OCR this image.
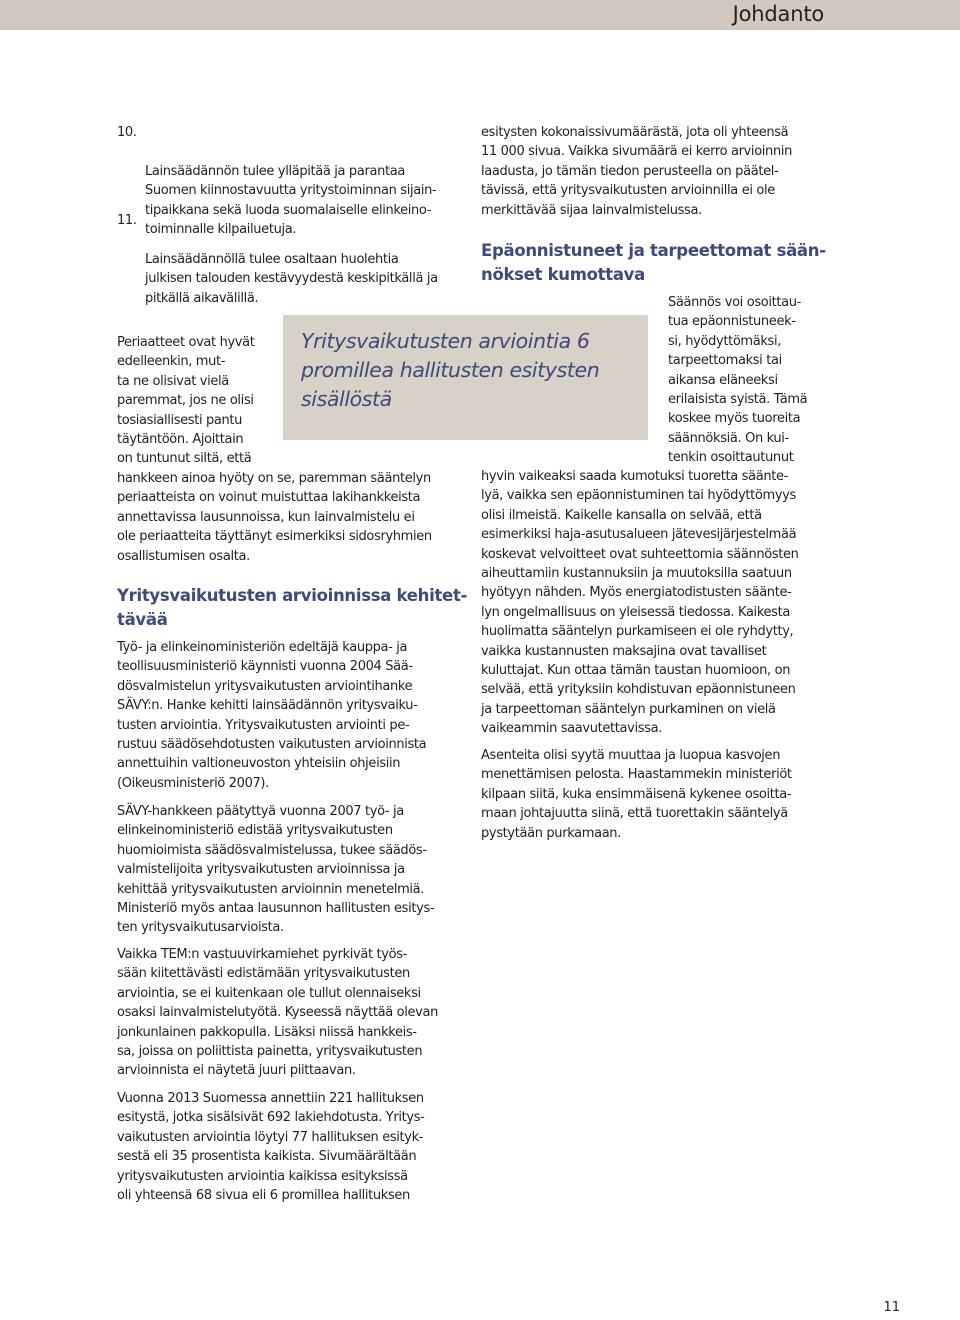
Johdanto

10.

Lainsäädännön tulee ylläpitää ja parantaa
Suomen kiinnostavuutta yritystoiminnan sijain-
tipaikkana sekä luoda suomalaiselle elinkeino-
toiminnalle kilpailuetuja.

11.

Lainsäädännöllä tulee osaltaan huolehtia
julkisen talouden kestävyydestä keskipitkällä ja
pitkällä aikavälillä.

Yritysvaikutusten arviointia 6
promillea hallitusten esitysten
sisällöstä

Periaatteet ovat hyvät
edelleenkin, mut-
ta ne olisivat vielä
paremmat, jos ne olisi
tosiasiallisesti pantu
täytäntöön. Ajoittain
on tuntunut siltä, että

hankkeen ainoa hyöty on se, paremman sääntelyn
periaatteista on voinut muistuttaa lakihankkeista
annettavissa lausunnoissa, kun lainvalmistelu ei
ole periaatteita täyttänyt esimerkiksi sidosryhmien
osallistumisen osalta.

Yritysvaikutusten arvioinnissa kehitet-
tävää

Työ- ja elinkeinoministeriön edeltäjä kauppa- ja
teollisuusministeriö käynnisti vuonna 2004 Sää-
dösvalmistelun yritysvaikutusten arviointihanke
SÄVY:n. Hanke kehitti lainsäädännön yritysvaiku-
tusten arviointia. Yritysvaikutusten arviointi pe-
rustuu säädösehdotusten vaikutusten arvioinnista
annettuihin valtioneuvoston yhteisiin ohjeisiin
(Oikeusministeriö 2007).

SÄVY-hankkeen päätyttyä vuonna 2007 työ- ja
elinkeinoministeriö edistää yritysvaikutusten
huomioimista säädösvalmistelussa, tukee säädös-
valmistelijoita yritysvaikutusten arvioinnissa ja
kehittää yritysvaikutusten arvioinnin menetelmiä.
Ministeriö myös antaa lausunnon hallitusten esitys-
ten yritysvaikutusarvioista.

Vaikka TEM:n vastuuvirkamiehet pyrkivät työs-
sään kiitettävästi edistämään yritysvaikutusten
arviointia, se ei kuitenkaan ole tullut olennaiseksi
osaksi lainvalmistelutyötä. Kyseessä näyttää olevan
jonkunlainen pakkopulla. Lisäksi niissä hankkeis-
sa, joissa on poliittista painetta, yritysvaikutusten
arvioinnista ei näytetä juuri piittaavan.

Vuonna 2013 Suomessa annettiin 221 hallituksen
esitystä, jotka sisälsivät 692 lakiehdotusta. Yritys-
vaikutusten arviointia löytyi 77 hallituksen esityk-
sestä eli 35 prosentista kaikista. Sivumäärältään
yritysvaikutusten arviointia kaikissa esityksissä
oli yhteensä 68 sivua eli 6 promillea hallituksen

esitysten kokonaissivumäärästä, jota oli yhteensä
11 000 sivua. Vaikka sivumäärä ei kerro arvioinnin
laadusta, jo tämän tiedon perusteella on päätel-
tävissä, että yritysvaikutusten arvioinnilla ei ole
merkittävää sijaa lainvalmistelussa.

Epäonnistuneet ja tarpeettomat sään-
nökset kumottava

Säännös voi osoittau-
tua epäonnistuneek-
si, hyödyttömäksi,
tarpeettomaksi tai
aikansa eläneeksi
erilaisista syistä. Tämä
koskee myös tuoreita
säännöksiä. On kui-
tenkin osoittautunut

hyvin vaikeaksi saada kumotuksi tuoretta säänte-
lyä, vaikka sen epäonnistuminen tai hyödyttömyys
olisi ilmeistä. Kaikelle kansalla on selvää, että
esimerkiksi haja-asutusalueen jätevesijärjestelmää
koskevat velvoitteet ovat suhteettomia säännösten
aiheuttamiin kustannuksiin ja muutoksilla saatuun
hyötyyn nähden. Myös energiatodistusten säänte-
lyn ongelmallisuus on yleisessä tiedossa. Kaikesta
huolimatta sääntelyn purkamiseen ei ole ryhdytty,
vaikka kustannusten maksajina ovat tavalliset
kuluttajat. Kun ottaa tämän taustan huomioon, on
selvää, että yrityksiin kohdistuvan epäonnistuneen
ja tarpeettoman sääntelyn purkaminen on vielä
vaikeammin saavutettavissa.

Asenteita olisi syytä muuttaa ja luopua kasvojen
menettämisen pelosta. Haastammekin ministeriöt
kilpaan siitä, kuka ensimmäisenä kykenee osoitta-
maan johtajuutta siinä, että tuorettakin sääntelyä
pystytään purkamaan.

11
